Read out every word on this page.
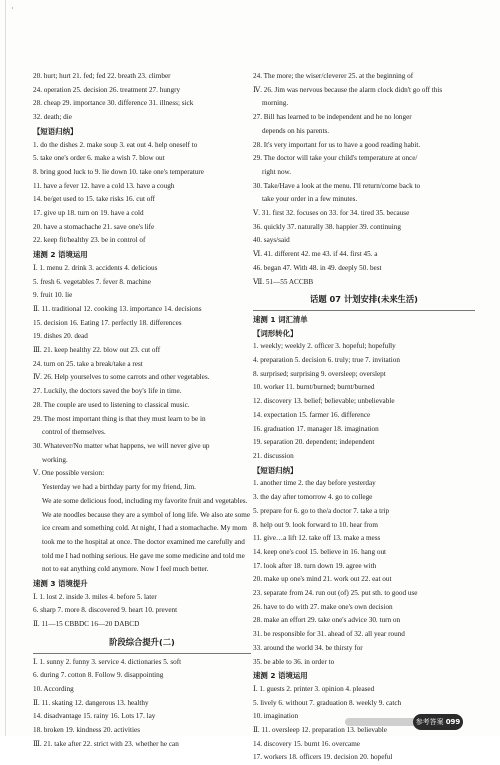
·
20. hurt; hurt 21. fed; fed 22. breath 23. climber
24. operation 25. decision 26. treatment 27. hungry
28. cheap 29. importance 30. difference 31. illness; sick
32. death; die
【短语归纳】
1. do the dishes 2. make soup 3. eat out 4. help oneself to
5. take one's order 6. make a wish 7. blow out
8. bring good luck to 9. lie down 10. take one's temperature
11. have a fever 12. have a cold 13. have a cough
14. be/get used to 15. take risks 16. cut off
17. give up 18. turn on 19. have a cold
20. have a stomachache 21. save one's life
22. keep fit/healthy 23. be in control of
速测 2 语境运用
Ⅰ. 1. menu 2. drink 3. accidents 4. delicious
5. fresh 6. vegetables 7. fever 8. machine
9. fruit 10. lie
Ⅱ. 11. traditional 12. cooking 13. importance 14. decisions
15. decision 16. Eating 17. perfectly 18. differences
19. dishes 20. dead
Ⅲ. 21. keep healthy 22. blow out 23. cut off
24. turn on 25. take a break/take a rest
Ⅳ. 26. Help yourselves to some carrots and other vegetables.
27. Luckily, the doctors saved the boy's life in time.
28. The couple are used to listening to classical music.
29. The most important thing is that they must learn to be in
control of themselves.
30. Whatever/No matter what happens, we will never give up
working.
Ⅴ. One possible version:
Yesterday we had a birthday party for my friend, Jim.
We ate some delicious food, including my favorite fruit and vegetables. We ate noodles because they are a symbol of long life. We also ate some ice cream and something cold. At night, I had a stomachache. My mom took me to the hospital at once. The doctor examined me carefully and told me I had nothing serious. He gave me some medicine and told me not to eat anything cold anymore. Now I feel much better.
速测 3 语境提升
Ⅰ. 1. lost 2. inside 3. miles 4. before 5. later
6. sharp 7. more 8. discovered 9. heart 10. prevent
Ⅱ. 11—15 CBBDC 16—20 DABCD
阶段综合提升(二)
Ⅰ. 1. sunny 2. funny 3. service 4. dictionaries 5. soft
6. during 7. cotton 8. Follow 9. disappointing
10. According
Ⅱ. 11. skating 12. dangerous 13. healthy
14. disadvantage 15. rainy 16. Lots 17. lay
18. broken 19. kindness 20. activities
Ⅲ. 21. take after 22. strict with 23. whether he can
24. The more; the wiser/cleverer 25. at the beginning of
Ⅳ. 26. Jim was nervous because the alarm clock didn't go off this
morning.
27. Bill has learned to be independent and he no longer
depends on his parents.
28. It's very important for us to have a good reading habit.
29. The doctor will take your child's temperature at once/
right now.
30. Take/Have a look at the menu. I'll return/come back to
take your order in a few minutes.
Ⅴ. 31. first 32. focuses on 33. for 34. tired 35. because
36. quickly 37. naturally 38. happier 39. continuing
40. says/said
Ⅵ. 41. different 42. me 43. if 44. first 45. a
46. began 47. With 48. in 49. deeply 50. best
Ⅶ. 51—55 ACCBB
话题 07 计划安排(未来生活)
速测 1 词汇清单
【词形转化】
1. weekly; weekly 2. officer 3. hopeful; hopefully
4. preparation 5. decision 6. truly; true 7. invitation
8. surprised; surprising 9. oversleep; overslept
10. worker 11. burnt/burned; burnt/burned
12. discovery 13. belief; believable; unbelievable
14. expectation 15. farmer 16. difference
16. graduation 17. manager 18. imagination
19. separation 20. dependent; independent
21. discussion
【短语归纳】
1. another time 2. the day before yesterday
3. the day after tomorrow 4. go to college
5. prepare for 6. go to the/a doctor 7. take a trip
8. help out 9. look forward to 10. hear from
11. give…a lift 12. take off 13. make a mess
14. keep one's cool 15. believe in 16. hang out
17. look after 18. turn down 19. agree with
20. make up one's mind 21. work out 22. eat out
23. separate from 24. run out (of) 25. put sth. to good use
26. have to do with 27. make one's own decision
28. make an effort 29. take one's advice 30. turn on
31. be responsible for 31. ahead of 32. all year round
33. around the world 34. be thirsty for
35. be able to 36. in order to
速测 2 语境运用
Ⅰ. 1. guests 2. printer 3. opinion 4. pleased
5. lively 6. without 7. graduation 8. weekly 9. catch
10. imagination
Ⅱ. 11. oversleep 12. preparation 13. believable
14. discovery 15. burnt 16. overcame
17. workers 18. officers 19. decision 20. hopeful
参考答案 099
